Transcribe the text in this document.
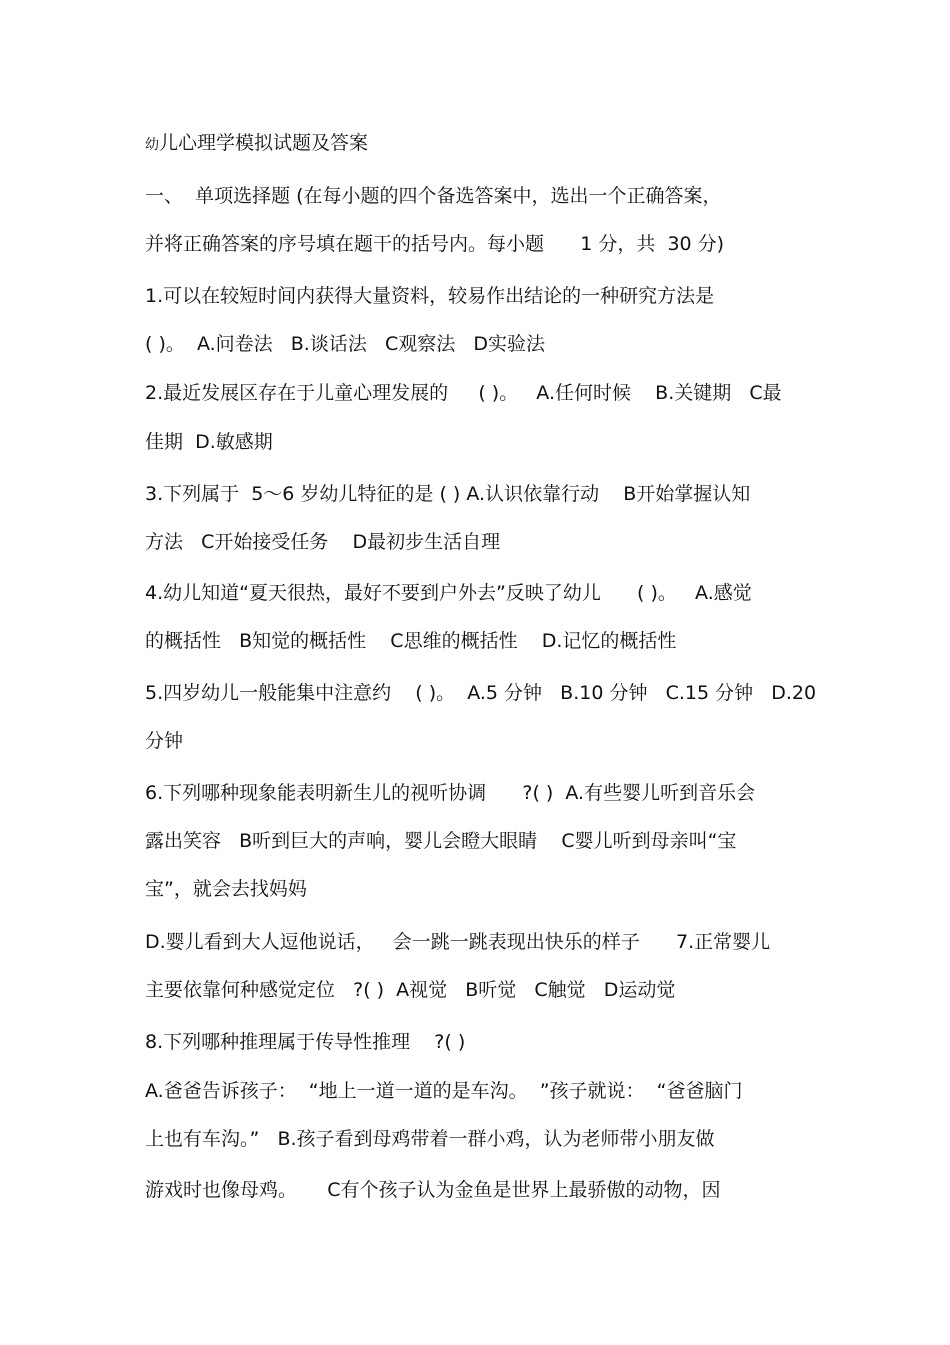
幼儿心理学模拟试题及答案
一、  单项选择题 (在每小题的四个备选答案中，选出一个正确答案，
并将正确答案的序号填在题干的括号内。每小题      1 分，共  30 分)
1.可以在较短时间内获得大量资料，较易作出结论的一种研究方法是
( )。  A.问卷法   B.谈话法   C观察法   D实验法
2.最近发展区存在于儿童心理发展的     ( )。   A.任何时候    B.关键期   C最
佳期  D.敏感期
3.下列属于  5～6 岁幼儿特征的是 ( ) A.认识依靠行动    B开始掌握认知
方法   C开始接受任务    D最初步生活自理
4.幼儿知道“夏天很热，最好不要到户外去”反映了幼儿      ( )。   A.感觉
的概括性   B知觉的概括性    C思维的概括性    D.记忆的概括性
5.四岁幼儿一般能集中注意约    ( )。  A.5 分钟   B.10 分钟   C.15 分钟   D.20
分钟
6.下列哪种现象能表明新生儿的视听协调      ?( )  A.有些婴儿听到音乐会
露出笑容   B听到巨大的声响，婴儿会瞪大眼睛    C婴儿听到母亲叫“宝
宝”，就会去找妈妈
D.婴儿看到大人逗他说话，   会一跳一跳表现出快乐的样子      7.正常婴儿
主要依靠何种感觉定位   ?( )  A视觉   B听觉   C触觉   D运动觉
8.下列哪种推理属于传导性推理    ?( )
A.爸爸告诉孩子：  “地上一道一道的是车沟。  ”孩子就说：  “爸爸脑门
上也有车沟。”   B.孩子看到母鸡带着一群小鸡，认为老师带小朋友做
游戏时也像母鸡。     C有个孩子认为金鱼是世界上最骄傲的动物，因
